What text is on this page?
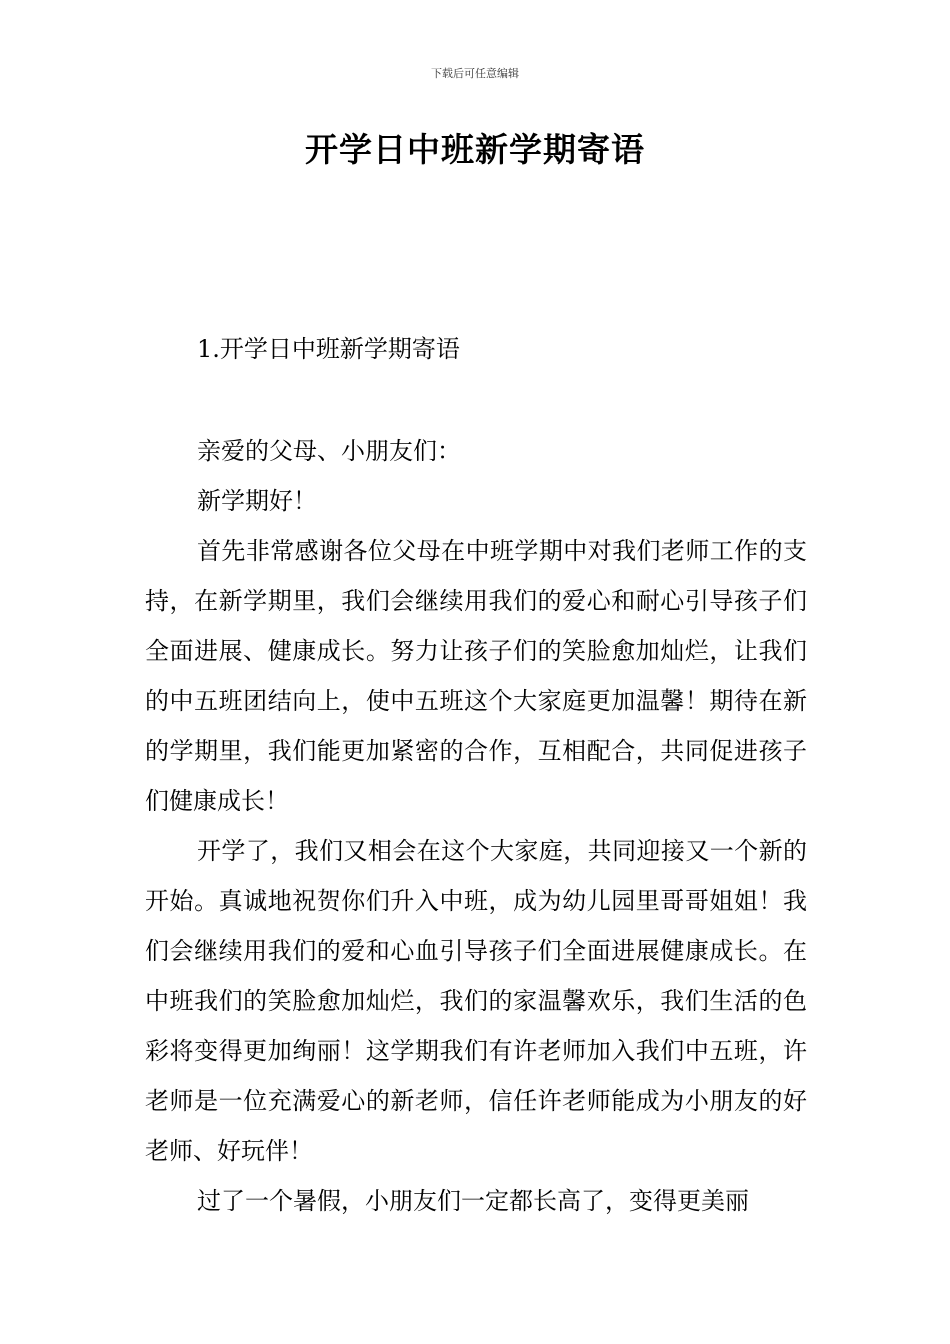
下载后可任意编辑
开学日中班新学期寄语
1.开学日中班新学期寄语

亲爱的父母、小朋友们：

新学期好！

首先非常感谢各位父母在中班学期中对我们老师工作的支持，在新学期里，我们会继续用我们的爱心和耐心引导孩子们全面进展、健康成长。努力让孩子们的笑脸愈加灿烂，让我们的中五班团结向上，使中五班这个大家庭更加温馨！期待在新的学期里，我们能更加紧密的合作，互相配合，共同促进孩子们健康成长！

开学了，我们又相会在这个大家庭，共同迎接又一个新的开始。真诚地祝贺你们升入中班，成为幼儿园里哥哥姐姐！我们会继续用我们的爱和心血引导孩子们全面进展健康成长。在中班我们的笑脸愈加灿烂，我们的家温馨欢乐，我们生活的色彩将变得更加绚丽！这学期我们有许老师加入我们中五班，许老师是一位充满爱心的新老师，信任许老师能成为小朋友的好老师、好玩伴！

过了一个暑假，小朋友们一定都长高了，变得更美丽
